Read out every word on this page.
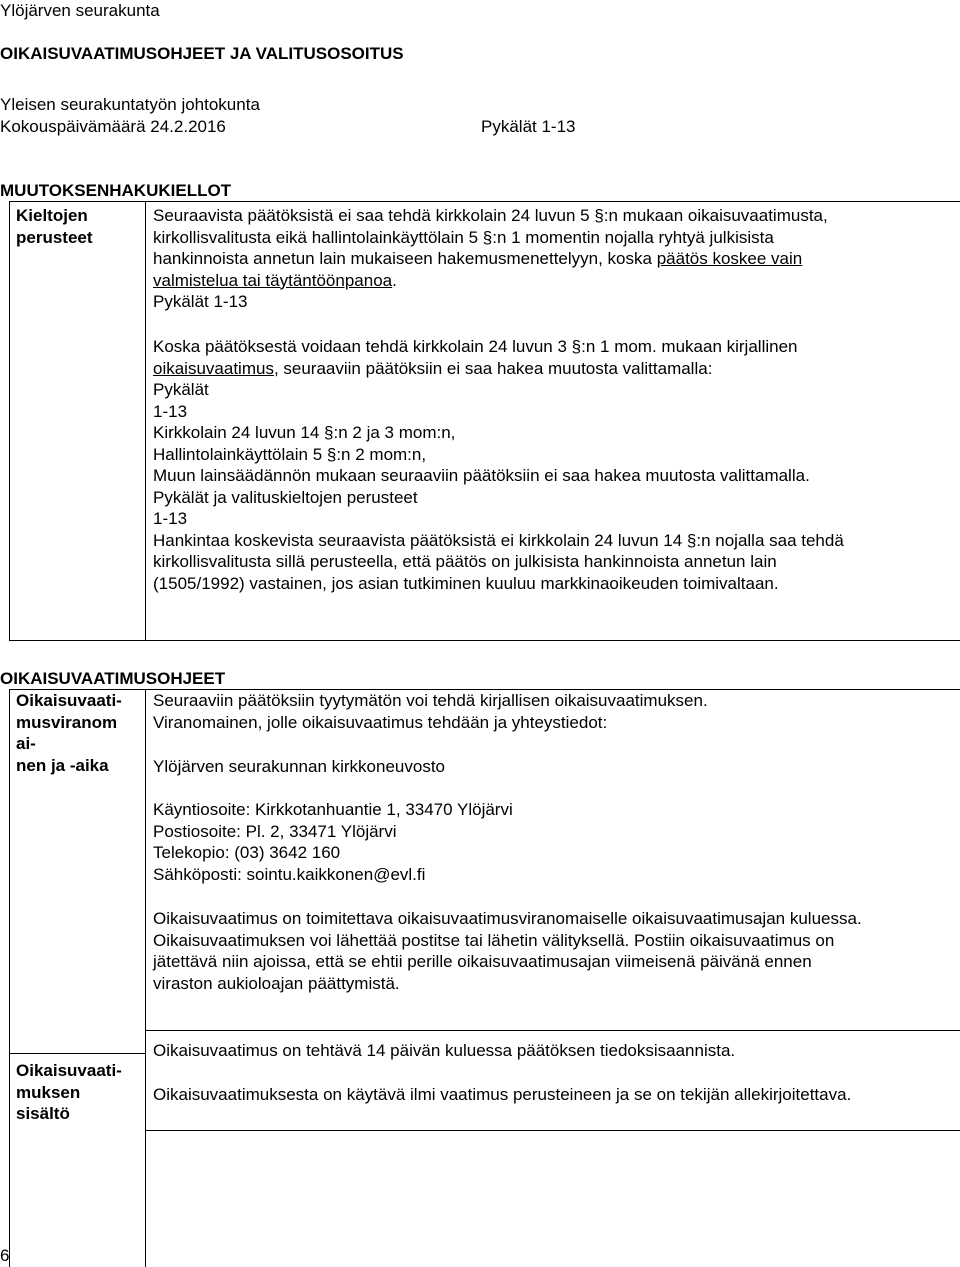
Ylöjärven seurakunta
OIKAISUVAATIMUSOHJEET JA VALITUSOSOITUS
Yleisen seurakuntatyön johtokunta
Kokouspäivämäärä 24.2.2016	Pykälät 1-13
MUUTOKSENHAKUKIELLOT
Kieltojen
perusteet
Seuraavista päätöksistä ei saa tehdä kirkkolain 24 luvun 5 §:n mukaan oikaisuvaatimusta,
kirkollisvalitusta eikä hallintolainkäyttölain 5 §:n 1 momentin nojalla ryhtyä julkisista
hankinnoista annetun lain mukaiseen hakemusmenettelyyn, koska päätös koskee vain
valmistelua tai täytäntöönpanoa.
Pykälät 1-13
Koska päätöksestä voidaan tehdä kirkkolain 24 luvun 3 §:n 1 mom. mukaan kirjallinen
oikaisuvaatimus, seuraaviin päätöksiin ei saa hakea muutosta valittamalla:
Pykälät
1-13
Kirkkolain 24 luvun 14 §:n 2 ja 3 mom:n,
Hallintolainkäyttölain 5 §:n 2 mom:n,
Muun lainsäädännön mukaan seuraaviin päätöksiin ei saa hakea muutosta valittamalla.
Pykälät ja valituskieltojen perusteet
1-13
Hankintaa koskevista seuraavista päätöksistä ei kirkkolain 24 luvun 14 §:n nojalla saa tehdä
kirkollisvalitusta sillä perusteella, että päätös on julkisista hankinnoista annetun lain
(1505/1992) vastainen, jos asian tutkiminen kuuluu markkinaoikeuden toimivaltaan.
OIKAISUVAATIMUSOHJEET
Oikaisuvaati-
musviranom
ai-
nen ja -aika
Seuraaviin päätöksiin tyytymätön voi tehdä kirjallisen oikaisuvaatimuksen.
Viranomainen, jolle oikaisuvaatimus tehdään ja yhteystiedot:
Ylöjärven seurakunnan kirkkoneuvosto
Käyntiosoite: Kirkkotanhuantie 1, 33470 Ylöjärvi
Postiosoite: Pl. 2, 33471 Ylöjärvi
Telekopio: (03) 3642 160
Sähköposti: sointu.kaikkonen@evl.fi
Oikaisuvaatimus on toimitettava oikaisuvaatimusviranomaiselle oikaisuvaatimusajan kuluessa.
Oikaisuvaatimuksen voi lähettää postitse tai lähetin välityksellä. Postiin oikaisuvaatimus on
jätettävä niin ajoissa, että se ehtii perille oikaisuvaatimusajan viimeisenä päivänä ennen
viraston aukioloajan päättymistä.
Oikaisuvaatimus on tehtävä 14 päivän kuluessa päätöksen tiedoksisaannista.
Oikaisuvaati-
muksen
sisältö
Oikaisuvaatimuksesta on käytävä ilmi vaatimus perusteineen ja se on tekijän allekirjoitettava.
6
